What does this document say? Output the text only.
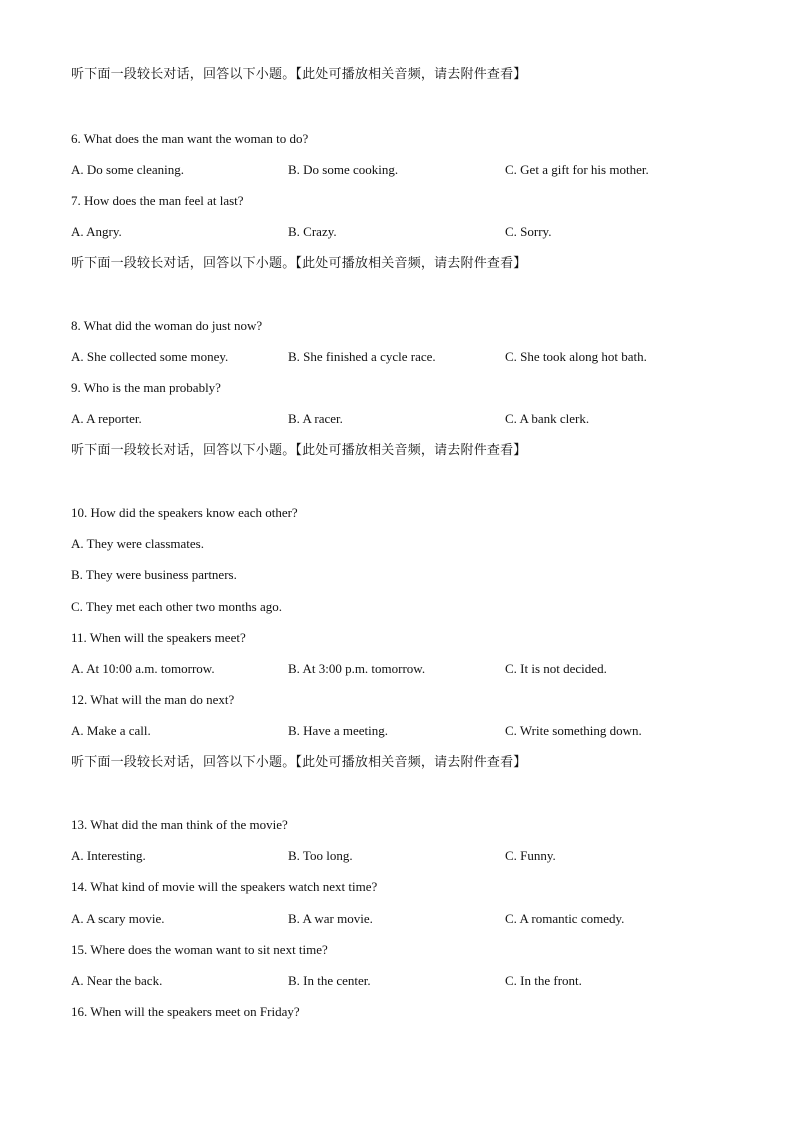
听下面一段较长对话，回答以下小题。【此处可播放相关音频，请去附件查看】
6. What does the man want the woman to do?
A. Do some cleaning.	B. Do some cooking.	C. Get a gift for his mother.
7. How does the man feel at last?
A. Angry.	B. Crazy.	C. Sorry.
听下面一段较长对话，回答以下小题。【此处可播放相关音频，请去附件查看】
8. What did the woman do just now?
A. She collected some money.	B. She finished a cycle race.	C. She took along hot bath.
9. Who is the man probably?
A. A reporter.	B. A racer.	C. A bank clerk.
听下面一段较长对话，回答以下小题。【此处可播放相关音频，请去附件查看】
10. How did the speakers know each other?
A. They were classmates.
B. They were business partners.
C. They met each other two months ago.
11. When will the speakers meet?
A. At 10:00 a.m. tomorrow.	B. At 3:00 p.m. tomorrow.	C. It is not decided.
12. What will the man do next?
A. Make a call.	B. Have a meeting.	C. Write something down.
听下面一段较长对话，回答以下小题。【此处可播放相关音频，请去附件查看】
13. What did the man think of the movie?
A. Interesting.	B. Too long.	C. Funny.
14. What kind of movie will the speakers watch next time?
A. A scary movie.	B. A war movie.	C. A romantic comedy.
15. Where does the woman want to sit next time?
A. Near the back.	B. In the center.	C. In the front.
16. When will the speakers meet on Friday?
